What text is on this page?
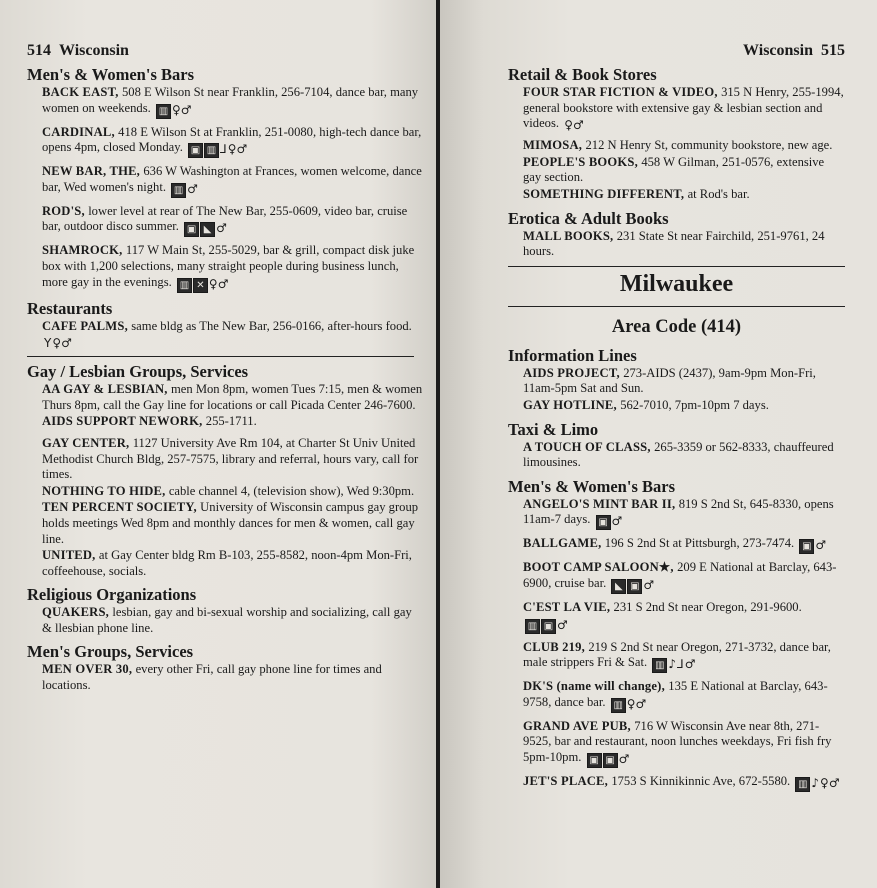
514 Wisconsin
Men's & Women's Bars
BACK EAST, 508 E Wilson St near Franklin, 256-7104, dance bar, many women on weekends. ▥ ♀♂
CARDINAL, 418 E Wilson St at Franklin, 251-0080, high-tech dance bar, opens 4pm, closed Monday. ▣ ▥ ⅃ ♀♂
NEW BAR, THE, 636 W Washington at Frances, women welcome, dance bar, Wed women's night. ▥ ♂
ROD'S, lower level at rear of The New Bar, 255-0609, video bar, cruise bar, outdoor disco summer. ▣ ◣ ♂
SHAMROCK, 117 W Main St, 255-5029, bar & grill, compact disk juke box with 1,200 selections, many straight people during business lunch, more gay in the evenings. ▥ ✕ ♀♂
Restaurants
CAFE PALMS, same bldg as The New Bar, 256-0166, after-hours food.
Y ♀♂
Gay / Lesbian Groups, Services
AA GAY & LESBIAN, men Mon 8pm, women Tues 7:15, men & women Thurs 8pm, call the Gay line for locations or call Picada Center 246-7600.
AIDS SUPPORT NEWORK, 255-1711.
GAY CENTER, 1127 University Ave Rm 104, at Charter St Univ United Methodist Church Bldg, 257-7575, library and referral, hours vary, call for times.
NOTHING TO HIDE, cable channel 4, (television show), Wed 9:30pm.
TEN PERCENT SOCIETY, University of Wisconsin campus gay group holds meetings Wed 8pm and monthly dances for men & women, call gay line.
UNITED, at Gay Center bldg Rm B-103, 255-8582, noon-4pm Mon-Fri, coffeehouse, socials.
Religious Organizations
QUAKERS, lesbian, gay and bi-sexual worship and socializing, call gay & llesbian phone line.
Men's Groups, Services
MEN OVER 30, every other Fri, call gay phone line for times and locations.
Wisconsin 515
Retail & Book Stores
FOUR STAR FICTION & VIDEO, 315 N Henry, 255-1994, general bookstore with extensive gay & lesbian section and videos. ♀♂
MIMOSA, 212 N Henry St, community bookstore, new age.
PEOPLE'S BOOKS, 458 W Gilman, 251-0576, extensive gay section.
SOMETHING DIFFERENT, at Rod's bar.
Erotica & Adult Books
MALL BOOKS, 231 State St near Fairchild, 251-9761, 24 hours.
Milwaukee
Area Code (414)
Information Lines
AIDS PROJECT, 273-AIDS (2437), 9am-9pm Mon-Fri, 11am-5pm Sat and Sun.
GAY HOTLINE, 562-7010, 7pm-10pm 7 days.
Taxi & Limo
A TOUCH OF CLASS, 265-3359 or 562-8333, chauffeured limousines.
Men's & Women's Bars
ANGELO'S MINT BAR II, 819 S 2nd St, 645-8330, opens 11am-7 days. ▣ ♂
BALLGAME, 196 S 2nd St at Pittsburgh, 273-7474. ▣ ♂
BOOT CAMP SALOON★, 209 E National at Barclay, 643-6900, cruise bar. ◣ ▣ ♂
C'EST LA VIE, 231 S 2nd St near Oregon, 291-9600.
▥ ▣ ♂
CLUB 219, 219 S 2nd St near Oregon, 271-3732, dance bar, male strippers Fri & Sat. ▥ ♪ ⅃ ♂
DK'S (name will change), 135 E National at Barclay, 643-9758, dance bar. ▥ ♀♂
GRAND AVE PUB, 716 W Wisconsin Ave near 8th, 271-9525, bar and restaurant, noon lunches weekdays, Fri fish fry 5pm-10pm. ▣ ▣ ♂
JET'S PLACE, 1753 S Kinnikinnic Ave, 672-5580. ▥ ♪ ♀♂
